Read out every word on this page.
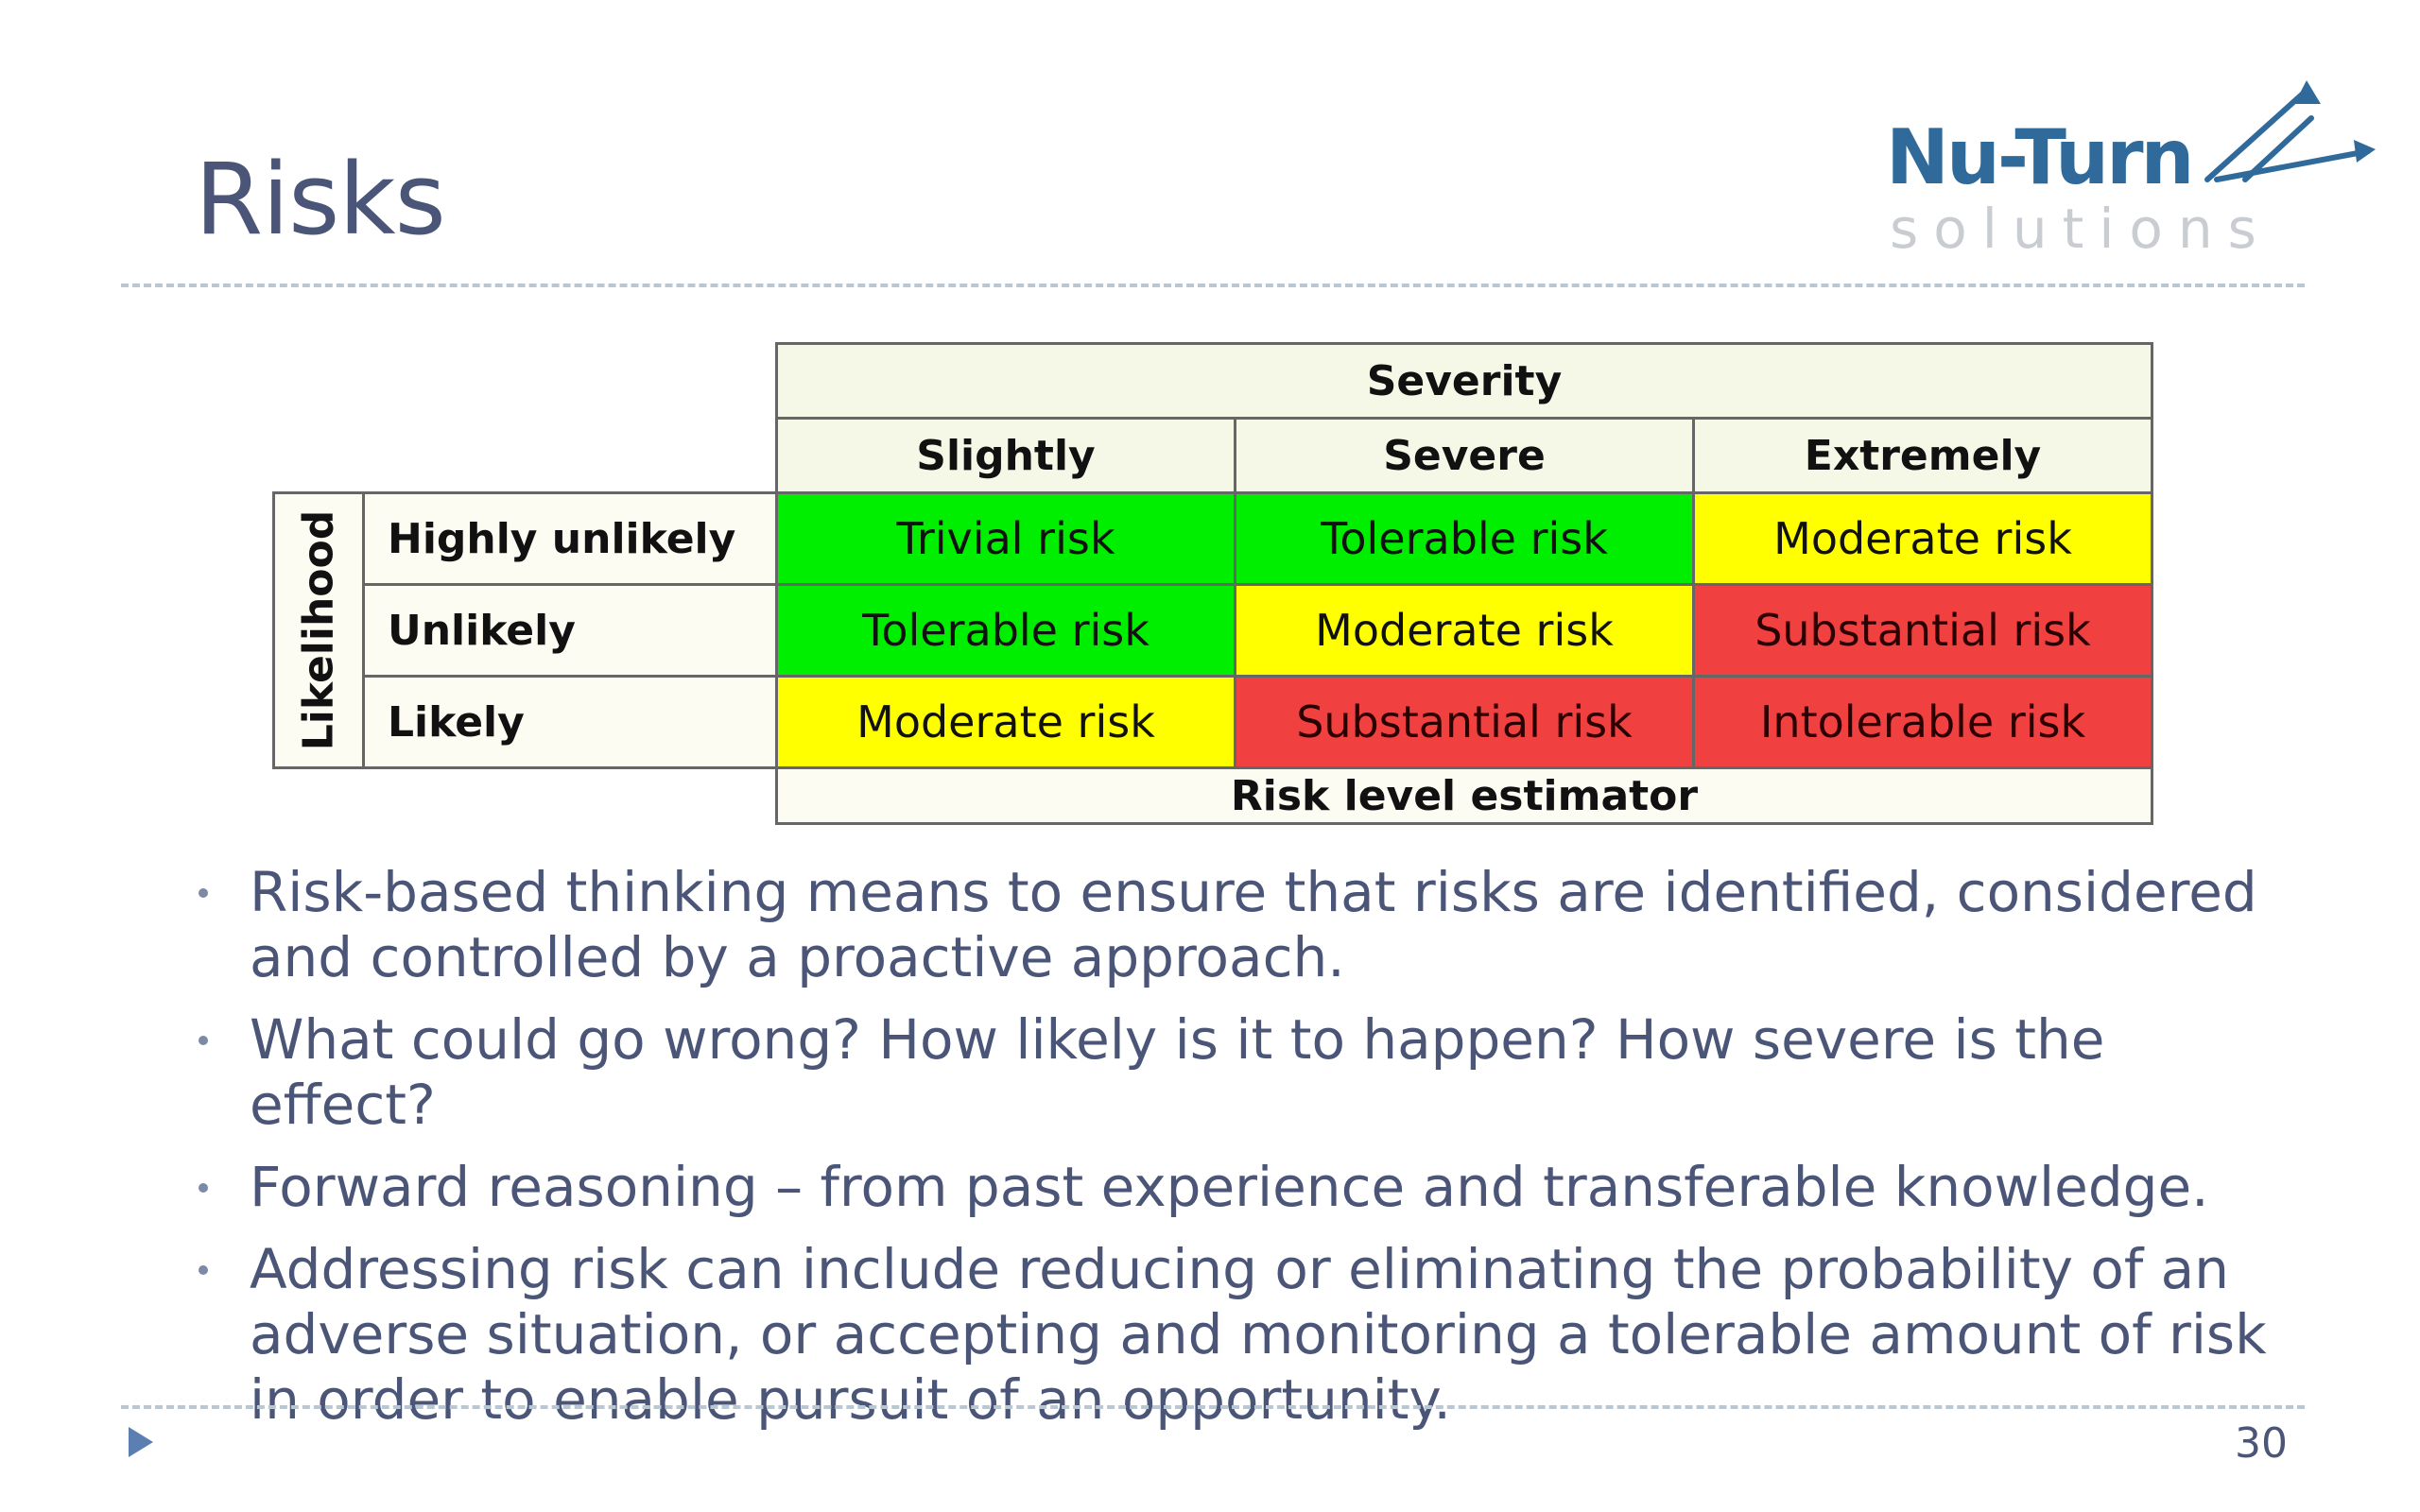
Risks	Nu-Turn
solutions
		Severity		
		Slightly	Severe	Extremely

Likelihood	Highly unlikely	Trivial risk	Tolerable risk	Moderate risk
	Unlikely	Tolerable risk	Moderate risk	Substantial risk
	Likely	Moderate risk	Substantial risk	Intolerable risk
		Risk level estimator		
Risk-based thinking means to ensure that risks are identified, considered and controlled by a proactive approach.
What could go wrong? How likely is it to happen? How severe is the effect?
Forward reasoning – from past experience and transferable knowledge.
Addressing risk can include reducing or eliminating the probability of an adverse situation, or accepting and monitoring a tolerable amount of risk in order to enable pursuit of an opportunity.
30
